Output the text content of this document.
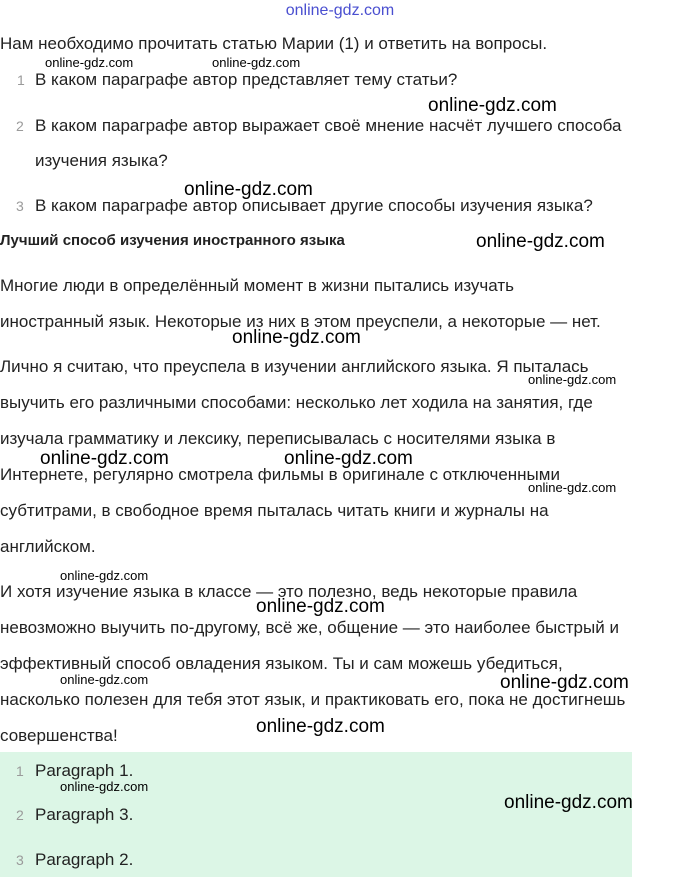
online-gdz.com
Нам необходимо прочитать статью Марии (1) и ответить на вопросы.
1 В каком параграфе автор представляет тему статьи?
2 В каком параграфе автор выражает своё мнение насчёт лучшего способа
изучения языка?
3 В каком параграфе автор описывает другие способы изучения языка?
Лучший способ изучения иностранного языка
Многие люди в определённый момент в жизни пытались изучать
иностранный язык. Некоторые из них в этом преуспели, а некоторые — нет.
Лично я считаю, что преуспела в изучении английского языка. Я пыталась
выучить его различными способами: несколько лет ходила на занятия, где
изучала грамматику и лексику, переписывалась с носителями языка в
Интернете, регулярно смотрела фильмы в оригинале с отключенными
субтитрами, в свободное время пыталась читать книги и журналы на
английском.
И хотя изучение языка в классе — это полезно, ведь некоторые правила
невозможно выучить по-другому, всё же, общение — это наиболее быстрый и
эффективный способ овладения языком. Ты и сам можешь убедиться,
насколько полезен для тебя этот язык, и практиковать его, пока не достигнешь
совершенства!
1 Paragraph 1.
2 Paragraph 3.
3 Paragraph 2.
online-gdz.com	online-gdz.com
online-gdz.com
online-gdz.com
online-gdz.com
online-gdz.com
online-gdz.com
online-gdz.com	online-gdz.com
online-gdz.com
online-gdz.com
online-gdz.com
online-gdz.com	online-gdz.com
online-gdz.com
online-gdz.com
online-gdz.com
